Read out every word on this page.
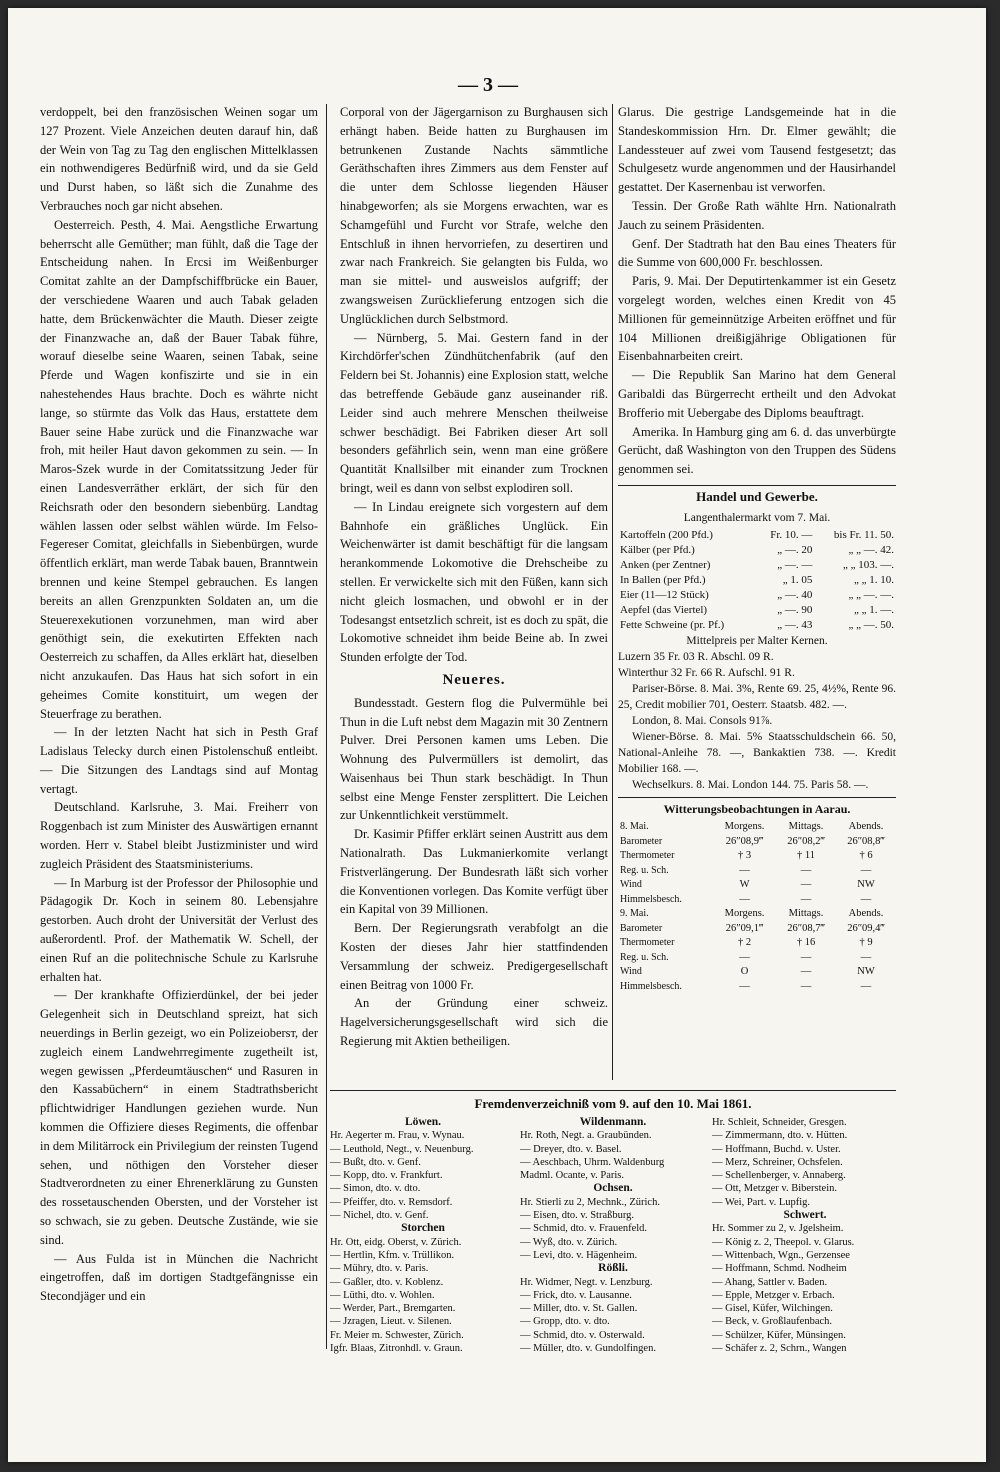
— 3 —

verdoppelt, bei den französischen Weinen sogar um 127 Prozent. Viele Anzeichen deuten darauf hin, daß der Wein von Tag zu Tag den englischen Mittelklassen ein nothwendigeres Bedürfniß wird, und da sie Geld und Durst haben, so läßt sich die Zunahme des Verbrauches noch gar nicht absehen.

Oesterreich. Pesth, 4. Mai. Aengstliche Erwartung beherrscht alle Gemüther; man fühlt, daß die Tage der Entscheidung nahen. In Ercsi im Weißenburger Comitat zahlte an der Dampfschiffbrücke ein Bauer, der verschiedene Waaren und auch Tabak geladen hatte, dem Brückenwächter die Mauth. Dieser zeigte der Finanzwache an, daß der Bauer Tabak führe, worauf dieselbe seine Waaren, seinen Tabak, seine Pferde und Wagen konfiszirte und sie in ein nahestehendes Haus brachte. Doch es währte nicht lange, so stürmte das Volk das Haus, erstattete dem Bauer seine Habe zurück und die Finanzwache war froh, mit heiler Haut davon gekommen zu sein. — In Maros-Szek wurde in der Comitatssitzung Jeder für einen Landesverräther erklärt, der sich für den Reichsrath oder den besondern siebenbürg. Landtag wählen lassen oder selbst wählen würde. Im Felso-Fegereser Comitat, gleichfalls in Siebenbürgen, wurde öffentlich erklärt, man werde Tabak bauen, Branntwein brennen und keine Stempel gebrauchen. Es langen bereits an allen Grenzpunkten Soldaten an, um die Steuerexekutionen vorzunehmen, man wird aber genöthigt sein, die exekutirten Effekten nach Oesterreich zu schaffen, da Alles erklärt hat, dieselben nicht anzukaufen. Das Haus hat sich sofort in ein geheimes Comite konstituirt, um wegen der Steuerfrage zu berathen.

— In der letzten Nacht hat sich in Pesth Graf Ladislaus Telecky durch einen Pistolenschuß entleibt. — Die Sitzungen des Landtags sind auf Montag vertagt.

Deutschland. Karlsruhe, 3. Mai. Freiherr von Roggenbach ist zum Minister des Auswärtigen ernannt worden. Herr v. Stabel bleibt Justizminister und wird zugleich Präsident des Staatsministeriums.

— In Marburg ist der Professor der Philosophie und Pädagogik Dr. Koch in seinem 80. Lebensjahre gestorben. Auch droht der Universität der Verlust des außerordentl. Prof. der Mathematik W. Schell, der einen Ruf an die politechnische Schule zu Karlsruhe erhalten hat.

— Der krankhafte Offizierdünkel, der bei jeder Gelegenheit sich in Deutschland spreizt, hat sich neuerdings in Berlin gezeigt, wo ein Polizeiobersт, der zugleich einem Landwehrregimente zugetheilt ist, wegen gewissen „Pferdeumtäuschen“ und Rasuren in den Kassabüchern“ in einem Stadtrathsbericht pflichtwidriger Handlungen geziehen wurde. Nun kommen die Offiziere dieses Regiments, die offenbar in dem Militärrock ein Privilegium der reinsten Tugend sehen, und nöthigen den Vorsteher dieser Stadtverordneten zu einer Ehrenerklärung zu Gunsten des rossetauschenden Obersten, und der Vorsteher ist so schwach, sie zu geben. Deutsche Zustände, wie sie sind.

— Aus Fulda ist in München die Nachricht eingetroffen, daß im dortigen Stadtgefängnisse ein Stecondjäger und ein

Corporal von der Jägergarnison zu Burghausen sich erhängt haben. Beide hatten zu Burghausen im betrunkenen Zustande Nachts sämmtliche Geräthschaften ihres Zimmers aus dem Fenster auf die unter dem Schlosse liegenden Häuser hinabgeworfen; als sie Morgens erwachten, war es Schamgefühl und Furcht vor Strafe, welche den Entschluß in ihnen hervorriefen, zu desertiren und zwar nach Frankreich. Sie gelangten bis Fulda, wo man sie mittel- und ausweislos aufgriff; der zwangsweisen Zurücklieferung entzogen sich die Unglücklichen durch Selbstmord.

— Nürnberg, 5. Mai. Gestern fand in der Kirchdörfer'schen Zündhütchenfabrik (auf den Feldern bei St. Johannis) eine Explosion statt, welche das betreffende Gebäude ganz auseinander riß. Leider sind auch mehrere Menschen theilweise schwer beschädigt. Bei Fabriken dieser Art soll besonders gefährlich sein, wenn man eine größere Quantität Knallsilber mit einander zum Trocknen bringt, weil es dann von selbst explodiren soll.

— In Lindau ereignete sich vorgestern auf dem Bahnhofe ein gräßliches Unglück. Ein Weichenwärter ist damit beschäftigt für die langsam herankommende Lokomotive die Drehscheibe zu stellen. Er verwickelte sich mit den Füßen, kann sich nicht gleich losmachen, und obwohl er in der Todesangst entsetzlich schreit, ist es doch zu spät, die Lokomotive schneidet ihm beide Beine ab. In zwei Stunden erfolgte der Tod.

Neueres.

Bundesstadt. Gestern flog die Pulvermühle bei Thun in die Luft nebst dem Magazin mit 30 Zentnern Pulver. Drei Personen kamen ums Leben. Die Wohnung des Pulvermüllers ist demolirt, das Waisenhaus bei Thun stark beschädigt. In Thun selbst eine Menge Fenster zersplittert. Die Leichen zur Unkenntlichkeit verstümmelt.

Dr. Kasimir Pfiffer erklärt seinen Austritt aus dem Nationalrath. Das Lukmanierkomite verlangt Fristverlängerung. Der Bundesrath läßt sich vorher die Konventionen vorlegen. Das Komite verfügt über ein Kapital von 39 Millionen.

Bern. Der Regierungsrath verabfolgt an die Kosten der dieses Jahr hier stattfindenden Versammlung der schweiz. Predigergesellschaft einen Beitrag von 1000 Fr.

An der Gründung einer schweiz. Hagelversicherungsgesellschaft wird sich die Regierung mit Aktien betheiligen.

Glarus. Die gestrige Landsgemeinde hat in die Standeskommission Hrn. Dr. Elmer gewählt; die Landessteuer auf zwei vom Tausend festgesetzt; das Schulgesetz wurde angenommen und der Hausirhandel gestattet. Der Kasernenbau ist verworfen.

Tessin. Der Große Rath wählte Hrn. Nationalrath Jauch zu seinem Präsidenten.

Genf. Der Stadtrath hat den Bau eines Theaters für die Summe von 600,000 Fr. beschlossen.

Paris, 9. Mai. Der Deputirtenkammer ist ein Gesetz vorgelegt worden, welches einen Kredit von 45 Millionen für gemeinnützige Arbeiten eröffnet und für 104 Millionen dreißigjährige Obligationen für Eisenbahnarbeiten creirt.

— Die Republik San Marino hat dem General Garibaldi das Bürgerrecht ertheilt und den Advokat Brofferio mit Uebergabe des Diploms beauftragt.

Amerika. In Hamburg ging am 6. d. das unverbürgte Gerücht, daß Washington von den Truppen des Südens genommen sei.

Handel und Gewerbe.

Langenthalermarkt vom 7. Mai.

Kartoffeln (200 Pfd.)	Fr. 10. —	bis Fr. 11. 50.
Kälber (per Pfd.)	„ —. 20	„ „ —. 42.
Anken (per Zentner)	„ —. —	„ „ 103. —.
In Ballen (per Pfd.)	„ 1. 05	„ „ 1. 10.
Eier (11—12 Stück)	„ —. 40	„ „ —. —.
Aepfel (das Viertel)	„ —. 90	„ „ 1. —.
Fette Schweine (pr. Pf.)	„ —. 43	„ „ —. 50.

Mittelpreis per Malter Kernen.

Luzern 35 Fr. 03 R. Abschl. 09 R.

Winterthur 32 Fr. 66 R. Aufschl. 91 R.

Pariser-Börse. 8. Mai. 3%, Rente 69. 25, 4½%, Rente 96. 25, Credit mobilier 701, Oesterr. Staatsb. 482. —.

London, 8. Mai. Consols 91⅞.

Wiener-Börse. 8. Mai. 5% Staatsschuldschein 66. 50, National-Anleihe 78. —, Bankaktien 738. —. Kredit Mobilier 168. —.

Wechselkurs. 8. Mai. London 144. 75. Paris 58. —.

Witterungsbeobachtungen in Aarau.

8. Mai.	Morgens.	Mittags.	Abends.
Barometer	26″08,9‴	26″08,2‴	26″08,8‴
Thermometer	† 3	† 11	† 6
Reg. u. Sch.	—	—	—
Wind	W	—	NW
Himmelsbesch.	—	—	—
9. Mai.	Morgens.	Mittags.	Abends.
Barometer	26″09,1‴	26″08,7‴	26″09,4‴
Thermometer	† 2	† 16	† 9
Reg. u. Sch.	—	—	—
Wind	O	—	NW
Himmelsbesch.	—	—	—
Fremdenverzeichniß vom 9. auf den 10. Mai 1861.
Löwen.
Hr. Aegerter m. Frau, v. Wynau.
— Leuthold, Negt., v. Neuenburg.
— Bußt, dto. v. Genf.
— Kopp, dto. v. Frankfurt.
— Simon, dto. v. dto.
— Pfeiffer, dto. v. Remsdorf.
— Nichel, dto. v. Genf.
Storchen
Hr. Ott, eidg. Oberst, v. Zürich.
— Hertlin, Kfm. v. Trüllikon.
— Mühry, dto. v. Paris.
— Gaßler, dto. v. Koblenz.
— Lüthi, dto. v. Wohlen.
— Werder, Part., Bremgarten.
— Jzragen, Lieut. v. Silenen.
Fr. Meier m. Schwester, Zürich.
Igfr. Blaas, Zitronhdl. v. Graun.
Wildenmann.
Hr. Roth, Negt. a. Graubünden.
— Dreyer, dto. v. Basel.
— Aeschbach, Uhrm. Waldenburg
Madml. Ocante, v. Paris.
Ochsen.
Hr. Stierli zu 2, Mechnk., Zürich.
— Eisen, dto. v. Straßburg.
— Schmid, dto. v. Frauenfeld.
— Wyß, dto. v. Zürich.
— Levi, dto. v. Hägenheim.
Rößli.
Hr. Widmer, Negt. v. Lenzburg.
— Frick, dto. v. Lausanne.
— Miller, dto. v. St. Gallen.
— Gropp, dto. v. dto.
— Schmid, dto. v. Osterwald.
— Müller, dto. v. Gundolfingen.
Hr. Schleit, Schneider, Gresgen.
— Zimmermann, dto. v. Hütten.
— Hoffmann, Buchd. v. Uster.
— Merz, Schreiner, Ochsfelen.
— Schellenberger, v. Annaberg.
— Ott, Metzger v. Biberstein.
— Wei, Part. v. Lupfig.
Schwert.
Hr. Sommer zu 2, v. Jgelsheim.
— König z. 2, Theepol. v. Glarus.
— Wittenbach, Wgn., Gerzensee
— Hoffmann, Schmd. Nodheim
— Ahang, Sattler v. Baden.
— Epple, Metzger v. Erbach.
— Gisel, Küfer, Wilchingen.
— Beck, v. Großlaufenbach.
— Schülzer, Küfer, Münsingen.
— Schäfer z. 2, Schrn., Wangen
